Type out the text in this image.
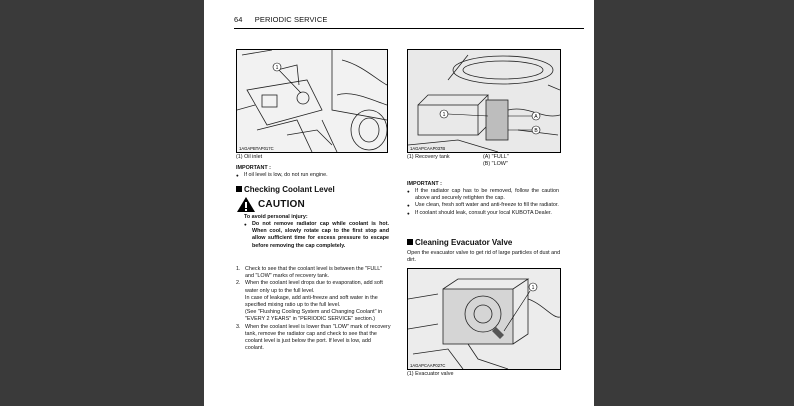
64 PERIODIC SERVICE
1
1AGAPBTAP017C
(1) Oil inlet
IMPORTANT :
● If oil level is low, do not run engine.
Checking Coolant Level
CAUTION
To avoid personal injury:
● Do not remove radiator cap while coolant is hot. When cool, slowly rotate cap to the first stop and allow sufficient time for excess pressure to escape before removing the cap completely.
1. Check to see that the coolant level is between the "FULL" and "LOW" marks of recovery tank.
2. When the coolant level drops due to evaporation, add soft water only up to the full level.
In case of leakage, add anti-freeze and soft water in the specified mixing ratio up to the full level.
(See "Flushing Cooling System and Changing Coolant" in "EVERY 2 YEARS" in "PERIODIC SERVICE" section.)
3. When the coolant level is lower than "LOW" mark of recovery tank, remove the radiator cap and check to see that the coolant level is just below the port. If level is low, add coolant.
1	A
B
1AGAPCAAP037B
(1) Recovery tank	(A) "FULL"
(B) "LOW"
IMPORTANT :
● If the radiator cap has to be removed, follow the caution above and securely retighten the cap.
● Use clean, fresh soft water and anti-freeze to fill the radiator.
● If coolant should leak, consult your local KUBOTA Dealer.
Cleaning Evacuator Valve
Open the evacuator valve to get rid of large particles of dust and dirt.
1
1AGAPCAAP027C
(1) Evacuator valve
